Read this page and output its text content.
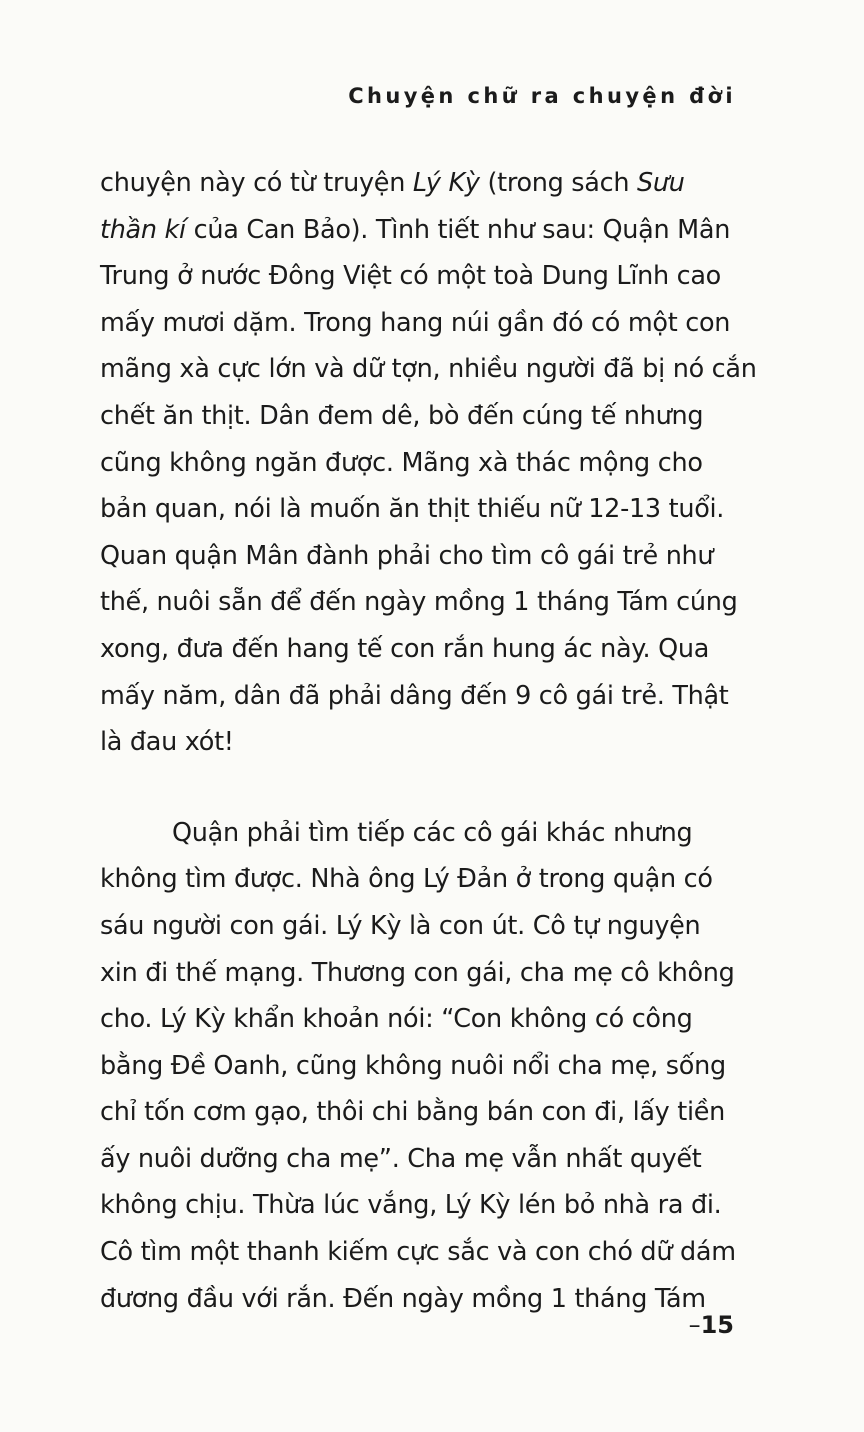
Chuyện chữ ra chuyện đời
chuyện này có từ truyện Lý Kỳ (trong sách Sưu
thần kí của Can Bảo). Tình tiết như sau: Quận Mân
Trung ở nước Đông Việt có một toà Dung Lĩnh cao
mấy mươi dặm. Trong hang núi gần đó có một con
mãng xà cực lớn và dữ tợn, nhiều người đã bị nó cắn
chết ăn thịt. Dân đem dê, bò đến cúng tế nhưng
cũng không ngăn được. Mãng xà thác mộng cho
bản quan, nói là muốn ăn thịt thiếu nữ 12-13 tuổi.
Quan quận Mân đành phải cho tìm cô gái trẻ như
thế, nuôi sẵn để đến ngày mồng 1 tháng Tám cúng
xong, đưa đến hang tế con rắn hung ác này. Qua
mấy năm, dân đã phải dâng đến 9 cô gái trẻ. Thật
là đau xót!
Quận phải tìm tiếp các cô gái khác nhưng
không tìm được. Nhà ông Lý Đản ở trong quận có
sáu người con gái. Lý Kỳ là con út. Cô tự nguyện
xin đi thế mạng. Thương con gái, cha mẹ cô không
cho. Lý Kỳ khẩn khoản nói: “Con không có công
bằng Đề Oanh, cũng không nuôi nổi cha mẹ, sống
chỉ tốn cơm gạo, thôi chi bằng bán con đi, lấy tiền
ấy nuôi dưỡng cha mẹ”. Cha mẹ vẫn nhất quyết
không chịu. Thừa lúc vắng, Lý Kỳ lén bỏ nhà ra đi.
Cô tìm một thanh kiếm cực sắc và con chó dữ dám
đương đầu với rắn. Đến ngày mồng 1 tháng Tám
–15
